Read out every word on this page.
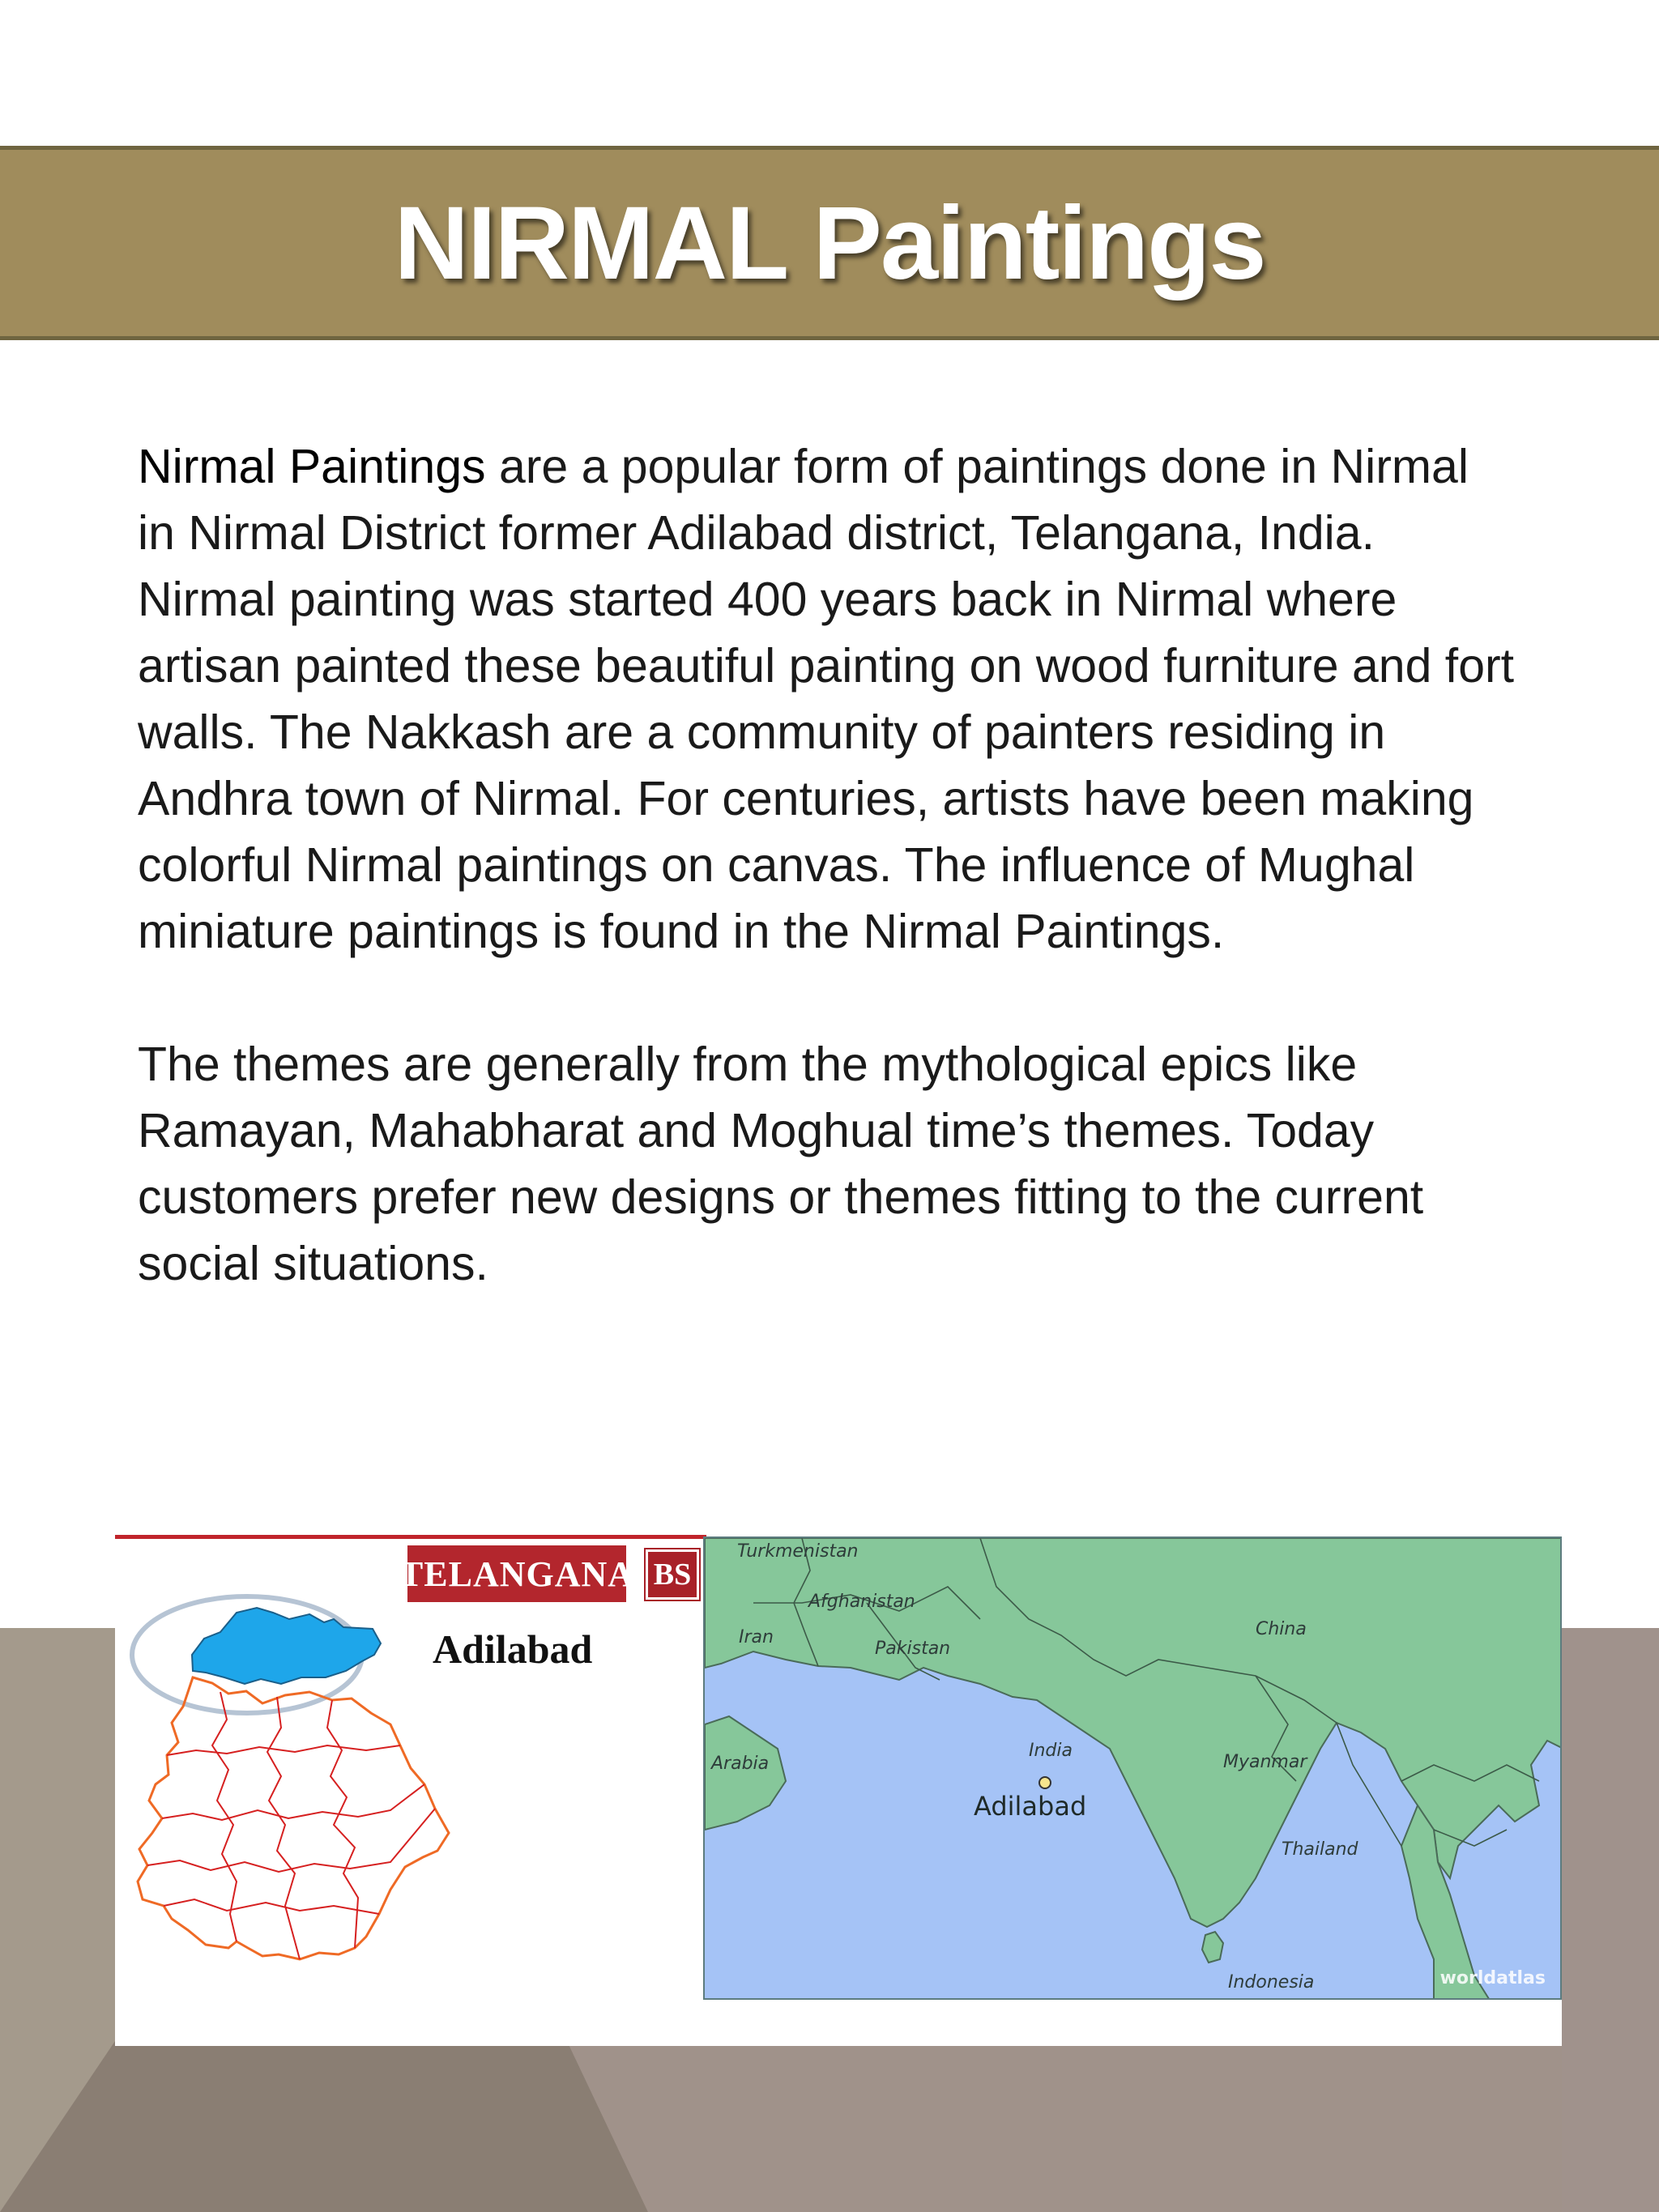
NIRMAL Paintings

Nirmal Paintings are a popular form of paintings done in Nirmal in Nirmal District former Adilabad district, Telangana, India. Nirmal painting was started 400 years back in Nirmal where artisan painted these beautiful painting on wood furniture and fort walls. The Nakkash are a community of painters residing in Andhra town of Nirmal. For centuries, artists have been making colorful Nirmal paintings on canvas. The influence of Mughal miniature paintings is found in the Nirmal Paintings.

The themes are generally from the mythological epics like Ramayan, Mahabharat and Moghual time’s themes. Today customers prefer new designs or themes fitting to the current social situations.

TELANGANA BS
Adilabad
Turkmenistan
Afghanistan
Iran
Pakistan
China
Arabia
India
Myanmar
Thailand
Indonesia
Adilabad
worldatlas
